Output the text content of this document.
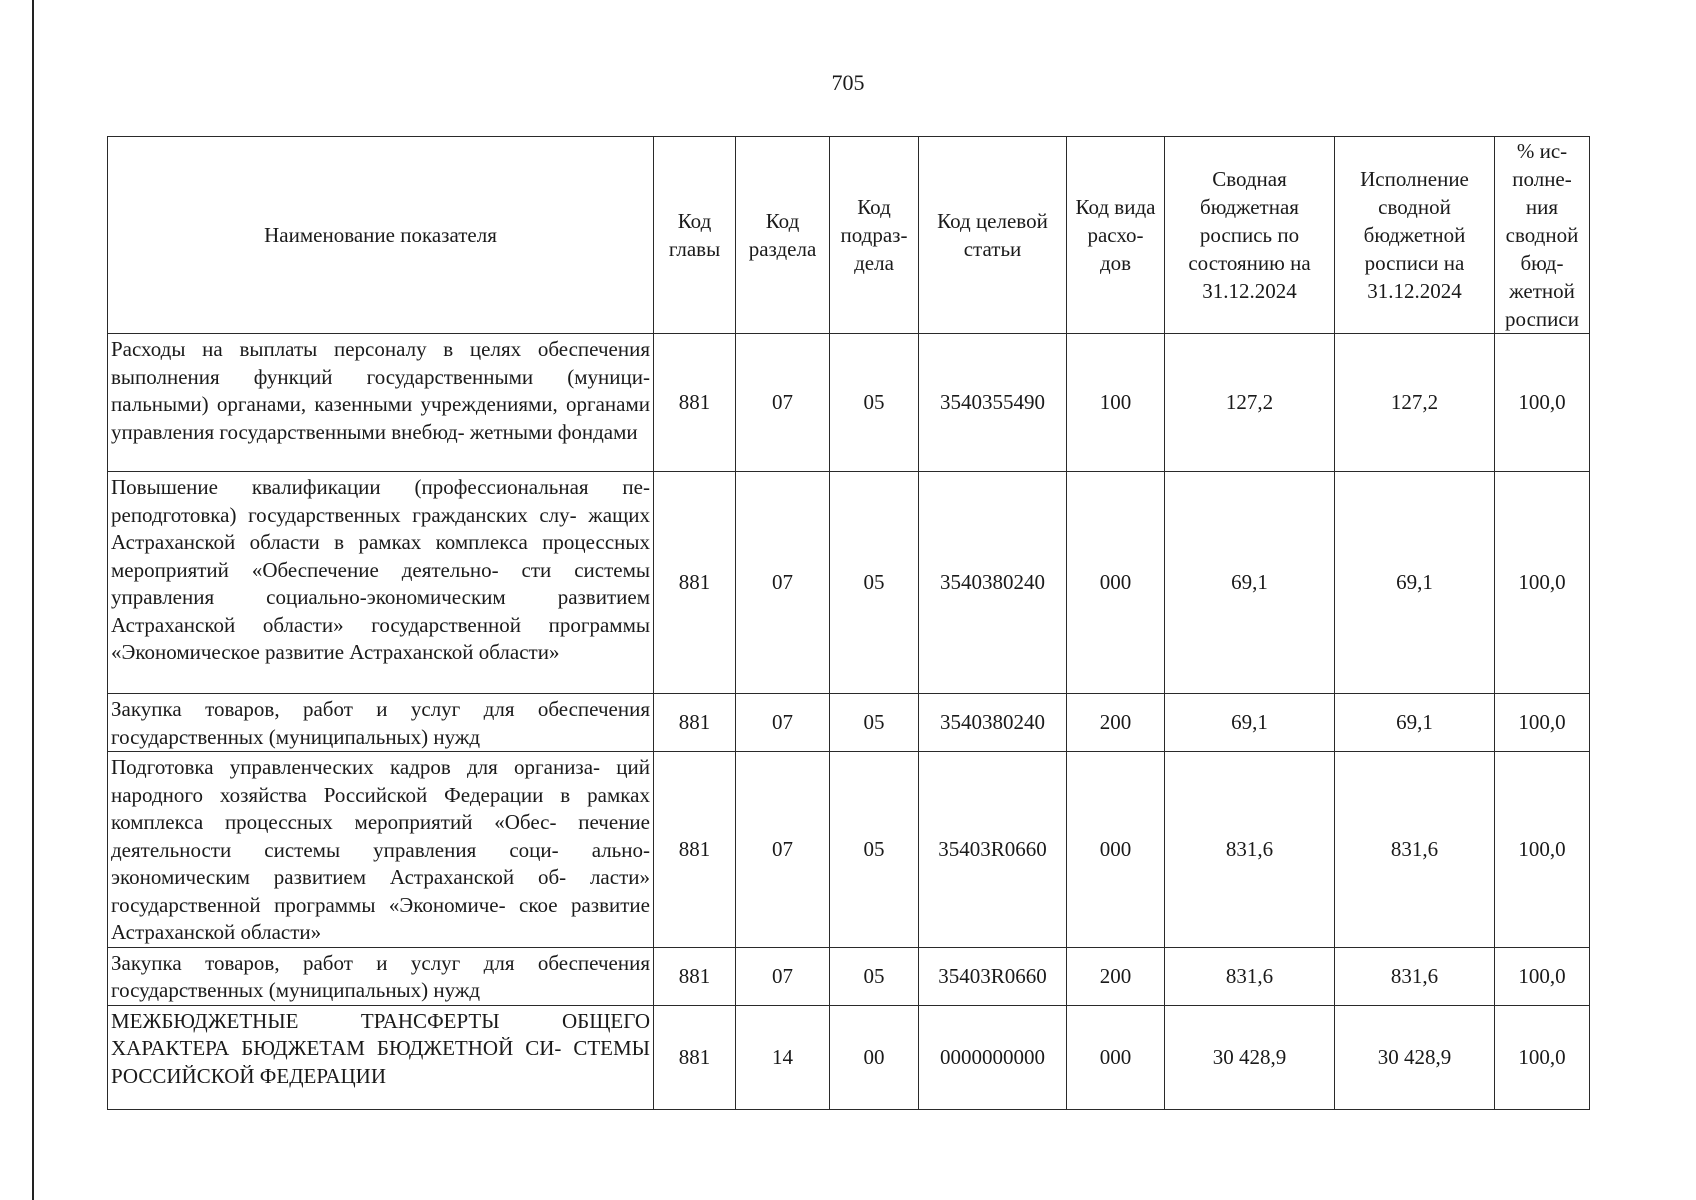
705
Наименование показателя	Код главы	Код раздела	Код подраз- дела	Код целевой статьи	Код вида расхо- дов	Сводная бюджетная роспись по состоянию на 31.12.2024	Исполнение сводной бюджетной росписи на 31.12.2024	% ис- полне- ния сводной бюд- жетной росписи
Расходы на выплаты персоналу в целях обеспечения выполнения функций государственными (муници- пальными) органами, казенными учреждениями, органами управления государственными внебюд- жетными фондами	881	07	05	3540355490	100	127,2	127,2	100,0
Повышение квалификации (профессиональная пе- реподготовка) государственных гражданских слу- жащих Астраханской области в рамках комплекса процессных мероприятий «Обеспечение деятельно- сти системы управления социально-экономическим развитием Астраханской области» государственной программы «Экономическое развитие Астраханской области»	881	07	05	3540380240	000	69,1	69,1	100,0
Закупка товаров, работ и услуг для обеспечения государственных (муниципальных) нужд	881	07	05	3540380240	200	69,1	69,1	100,0
Подготовка управленческих кадров для организа- ций народного хозяйства Российской Федерации в рамках комплекса процессных мероприятий «Обес- печение деятельности системы управления соци- ально-экономическим развитием Астраханской об- ласти» государственной программы «Экономиче- ское развитие Астраханской области»	881	07	05	35403R0660	000	831,6	831,6	100,0
Закупка товаров, работ и услуг для обеспечения государственных (муниципальных) нужд	881	07	05	35403R0660	200	831,6	831,6	100,0
МЕЖБЮДЖЕТНЫЕ ТРАНСФЕРТЫ ОБЩЕГО ХАРАКТЕРА БЮДЖЕТАМ БЮДЖЕТНОЙ СИ- СТЕМЫ РОССИЙСКОЙ ФЕДЕРАЦИИ	881	14	00	0000000000	000	30 428,9	30 428,9	100,0
